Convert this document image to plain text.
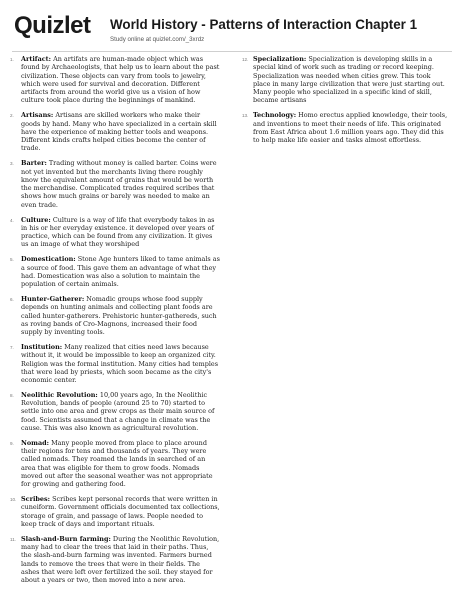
Quizlet World History - Patterns of Interaction Chapter 1
Study online at quizlet.com/_3xrdz
1.	Artifact: An artifats are human-made object which was found by Archaeologists, that help us to learn about the past civilization. These objects can vary from tools to jewelry, which were used for survival and decoration. Different artifacts from around the world give us a vision of how culture took place during the beginnings of mankind.
2.	Artisans: Artisans are skilled workers who make their goods by hand. Many who have specialized in a certain skill have the experience of making better tools and weapons. Different kinds crafts helped cities become the center of trade.
3.	Barter: Trading without money is called barter. Coins were not yet invented but the merchants living there roughly know the equivalent amount of grains that would be worth the merchandise. Complicated trades required scribes that shows how much grains or barely was needed to make an even trade.
4.	Culture: Culture is a way of life that everybody takes in as in his or her everyday existence. it developed over years of practice, which can be found from any civilization. It gives us an image of what they worshiped
5.	Domestication: Stone Age hunters liked to tame animals as a source of food. This gave them an advantage of what they had. Domestication was also a solution to maintain the population of certain animals.
6.	Hunter-Gatherer: Nomadic groups whose food supply depends on hunting animals and collecting plant foods are called hunter-gatherers. Prehistoric hunter-gathereds, such as roving bands of Cro-Magnons, increased their food supply by inventing tools.
7.	Institution: Many realized that cities need laws because without it, it would be impossible to keep an organized city. Religion was the formal institution. Many cities had temples that were lead by priests, which soon became as the city's economic center.
8.	Neolithic Revolution: 10,00 years ago, In the Neolithic Revolution, bands of people (around 25 to 70) started to settle into one area and grew crops as their main source of food. Scientists assumed that a change in climate was the cause. This was also known as agricultural revolution.
9.	Nomad: Many people moved from place to place around their regions for tens and thousands of years. They were called nomads. They roamed the lands in searched of an area that was eligible for them to grow foods. Nomads moved out after the seasonal weather was not appropriate for growing and gathering food.
10. Scribes: Scribes kept personal records that were written in cuneiform. Government officials documented tax collections, storage of grain, and passage of laws. People needed to keep track of days and important rituals.
11. Slash-and-Burn farming: During the Neolithic Revolution, many had to clear the trees that laid in their paths. Thus, the slash-and-burn farming was invented. Farmers burned lands to remove the trees that were in their fields. The ashes that were left over fertilized the soil. they stayed for about a years or two, then moved into a new area.
12. Specialization: Specialization is developing skills in a special kind of work such as trading or record keeping. Specialization was needed when cities grew. This took place in many large civilization that were just starting out. Many people who specialized in a specific kind of skill, became artisans
13. Technology: Homo erectus applied knowledge, their tools, and inventions to meet their needs of life. This originated from East Africa about 1.6 million years ago. They did this to help make life easier and tasks almost effortless.
